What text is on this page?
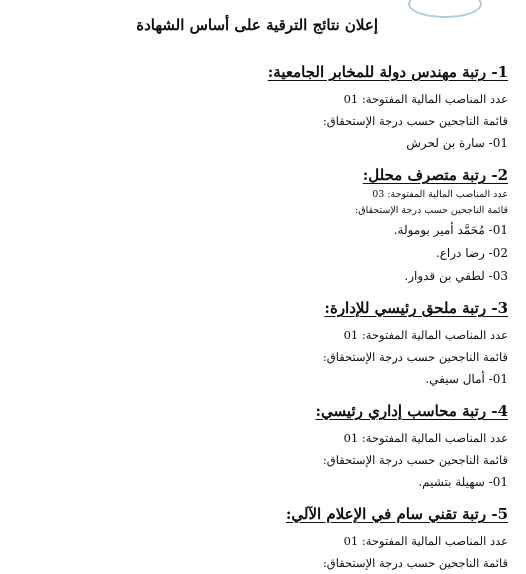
إعلان نتائج الترقية على أساس الشهادة
1- رتبة مهندس دولة للمخابر الجامعية:
عدد المناصب المالية المفتوحة: 01
قائمة الناجحين حسب درجة الإستحقاق:
01- سارة بن لحرش
2- رتبة متصرف محلل:
عدد المناصب المالية المفتوحة: 03
قائمة الناجحين حسب درجة الإستحقاق:
01- مُحَمَّد أمير بومولة.
02- رضا دراع.
03- لطفي بن قدوار.
3- رتبة ملحق رئيسي للإدارة:
عدد المناصب المالية المفتوحة: 01
قائمة الناجحين حسب درجة الإستحقاق:
01- أمال سيفي.
4- رتبة محاسب إداري رئيسي:
عدد المناصب المالية المفتوحة: 01
قائمة الناجحين حسب درجة الإستحقاق:
01- سهيلة بتشيم.
5- رتبة تقني سام في الإعلام الآلي:
عدد المناصب المالية المفتوحة: 01
قائمة الناجحين حسب درجة الإستحقاق:
